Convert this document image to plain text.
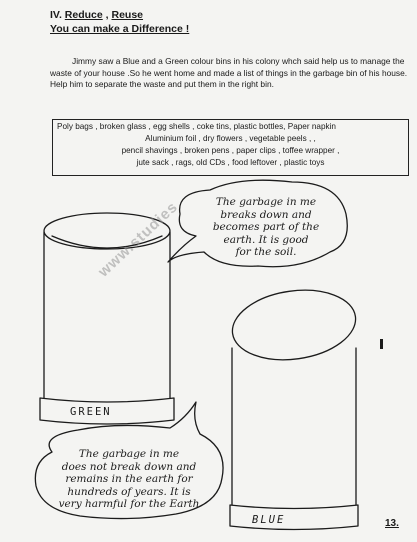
IV. Reduce , Reuse
You can make a Difference !
Jimmy saw a Blue and a Green colour bins in his colony whch said help us to manage the waste of your house .So he went home and made a list of things in the garbage bin of his house. Help him to separate the waste and put them in the right bin.
Poly bags , broken glass , egg shells , coke tins, plastic bottles, Paper napkin
Aluminium foil , dry flowers , vegetable peels , ,
pencil shavings , broken pens , paper clips , toffee wrapper ,
jute sack , rags, old CDs , food leftover , plastic toys
www.studies	The garbage in me
breaks down and
becomes part of the
earth. It is good
for the soil.
The garbage in me
does not break down and
remains in the earth for
hundreds of years. It is
very harmful for the Earth
GREEN
BLUE	13.
